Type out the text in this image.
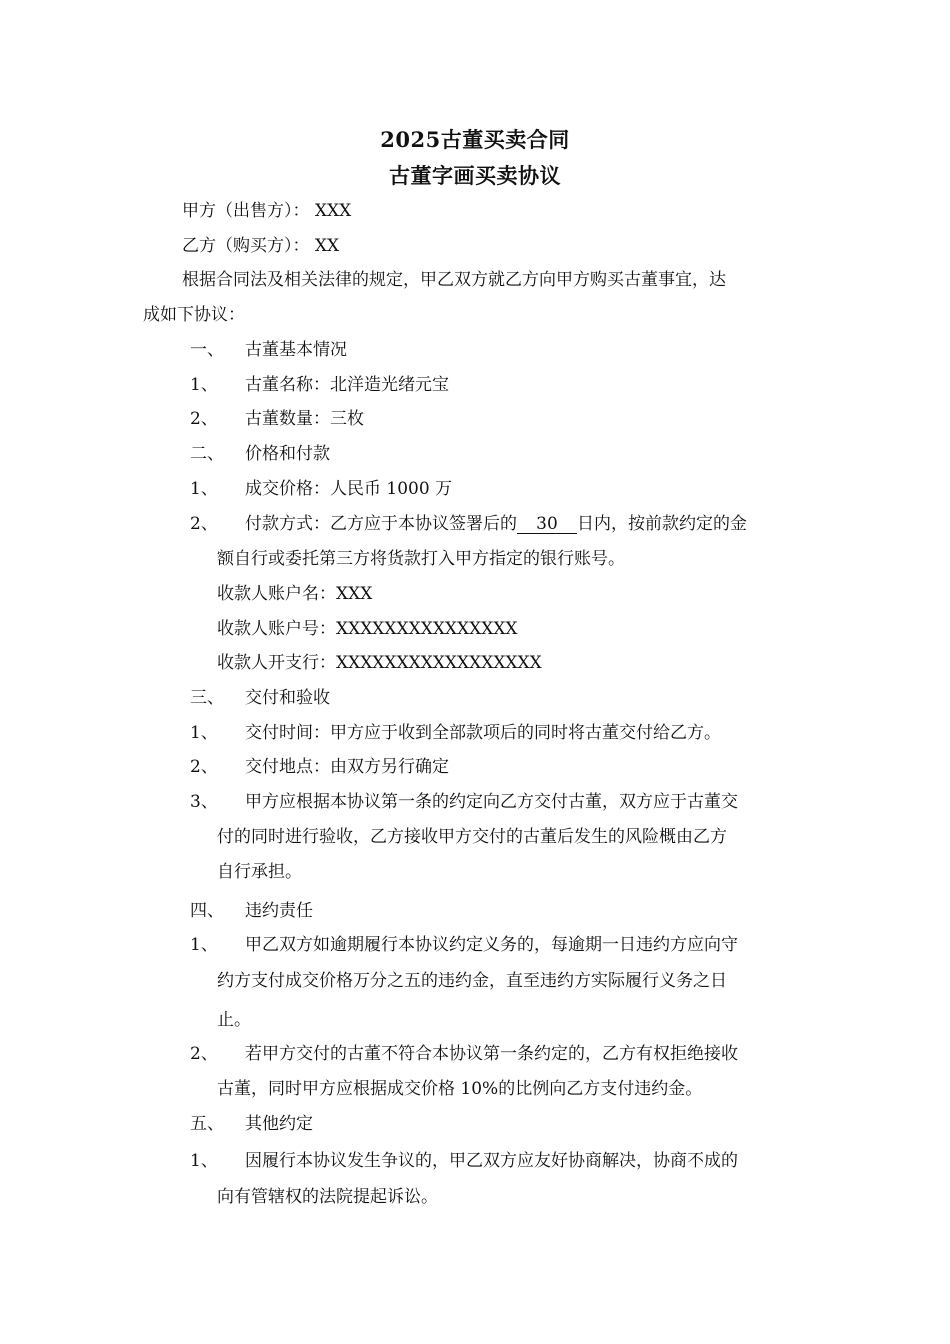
2025古董买卖合同
古董字画买卖协议
甲方（出售方）： XXX
乙方（购买方）： XX
根据合同法及相关法律的规定，甲乙双方就乙方向甲方购买古董事宜，达
成如下协议：
一、 古董基本情况
1、 古董名称：北洋造光绪元宝
2、 古董数量：三枚
二、 价格和付款
1、 成交价格：人民币 1000 万
2、 付款方式：乙方应于本协议签署后的 30 日内，按前款约定的金
额自行或委托第三方将货款打入甲方指定的银行账号。
收款人账户名：XXX
收款人账户号：XXXXXXXXXXXXXXX
收款人开支行：XXXXXXXXXXXXXXXXX
三、 交付和验收
1、 交付时间：甲方应于收到全部款项后的同时将古董交付给乙方。
2、 交付地点：由双方另行确定
3、 甲方应根据本协议第一条的约定向乙方交付古董，双方应于古董交
付的同时进行验收，乙方接收甲方交付的古董后发生的风险概由乙方
自行承担。
四、 违约责任
1、 甲乙双方如逾期履行本协议约定义务的，每逾期一日违约方应向守
约方支付成交价格万分之五的违约金，直至违约方实际履行义务之日
止。
2、 若甲方交付的古董不符合本协议第一条约定的，乙方有权拒绝接收
古董，同时甲方应根据成交价格 10%的比例向乙方支付违约金。
五、 其他约定
1、 因履行本协议发生争议的，甲乙双方应友好协商解决，协商不成的
向有管辖权的法院提起诉讼。
